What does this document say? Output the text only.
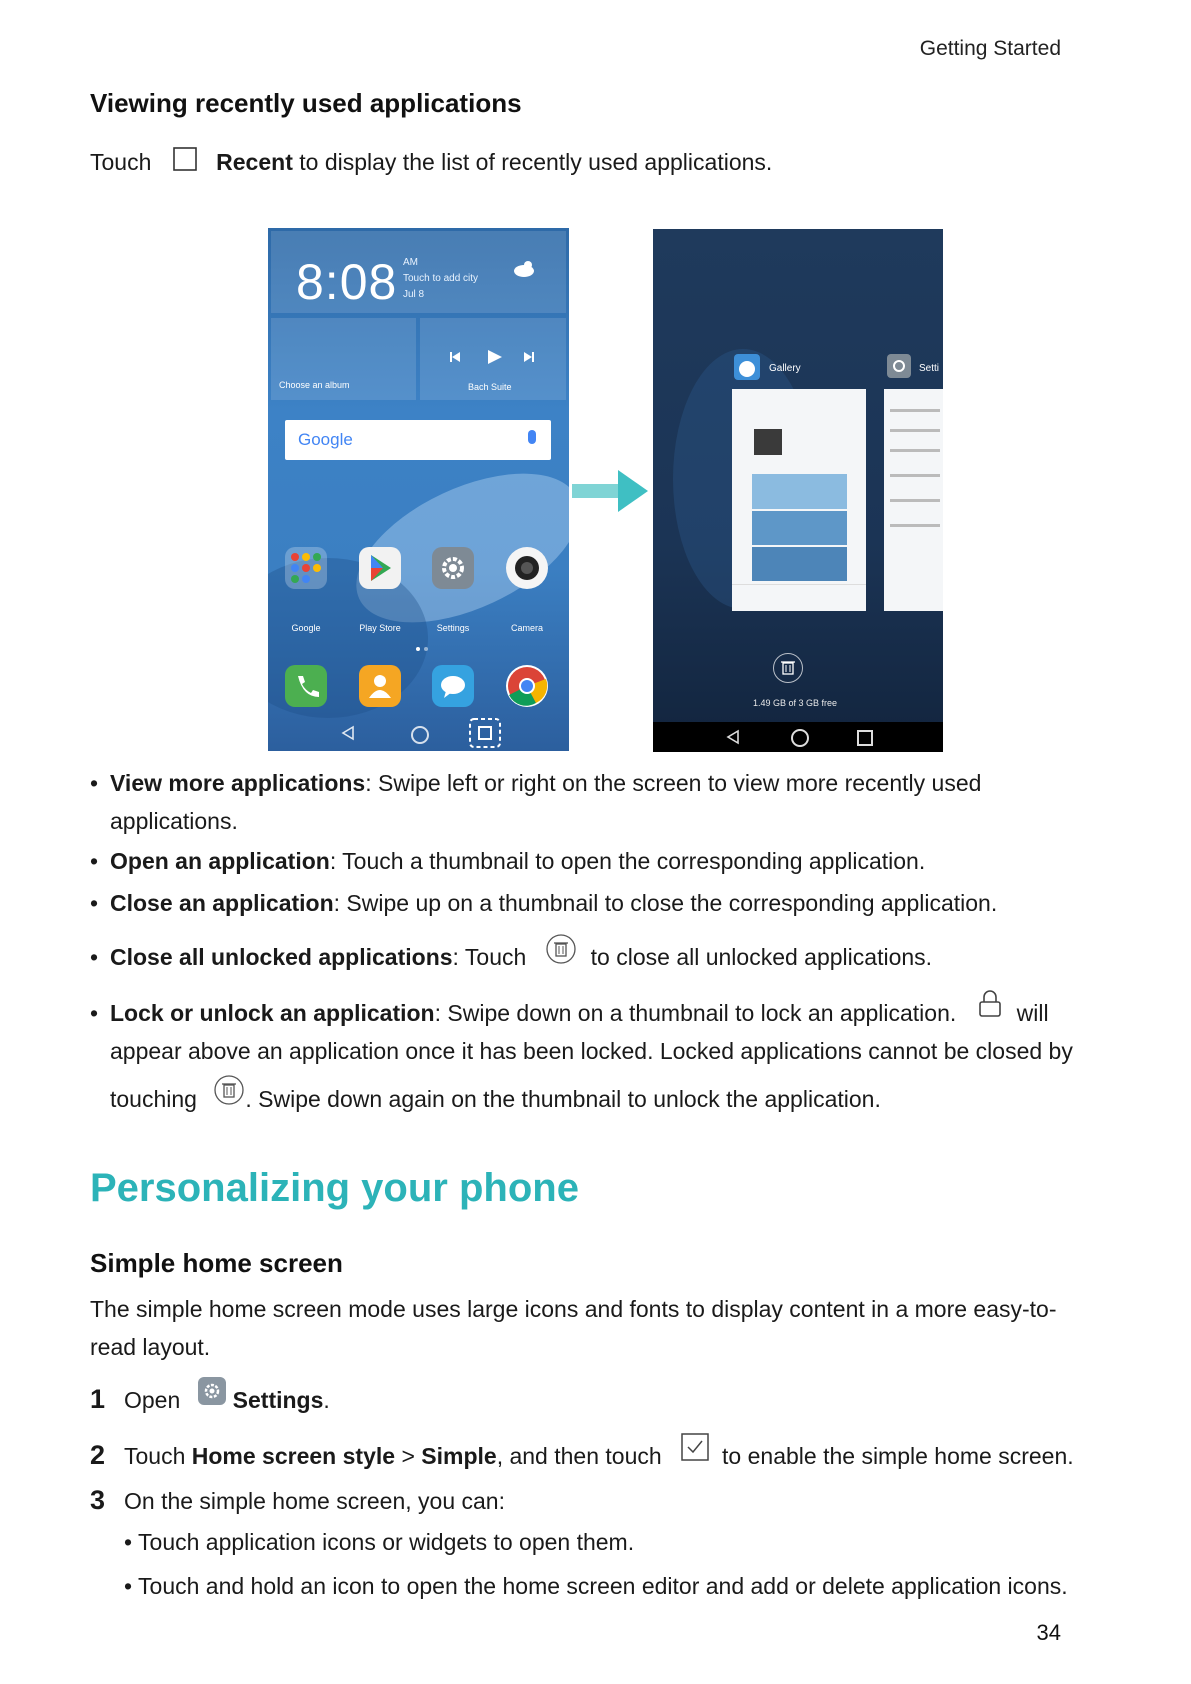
Getting Started
Viewing recently used applications
Touch	Recent to display the list of recently used applications.
8:08 AM
Touch to add city
Jul 8
Choose an album	Bach Suite
Google
Google	Play Store	Settings	Camera
Gallery	Setti
1.49 GB of 3 GB free
• View more applications: Swipe left or right on the screen to view more recently used
applications.
• Open an application: Touch a thumbnail to open the corresponding application.
• Close an application: Swipe up on a thumbnail to close the corresponding application.
• Close all unlocked applications: Touch	to close all unlocked applications.
• Lock or unlock an application: Swipe down on a thumbnail to lock an application.	will
appear above an application once it has been locked. Locked applications cannot be closed by
touching . Swipe down again on the thumbnail to unlock the application.
Personalizing your phone
Simple home screen
The simple home screen mode uses large icons and fonts to display content in a more easy-to-
read layout.
1 Open Settings.
2 Touch Home screen style > Simple, and then touch	to enable the simple home screen.
3 On the simple home screen, you can:
• Touch application icons or widgets to open them.
• Touch and hold an icon to open the home screen editor and add or delete application icons.
34
